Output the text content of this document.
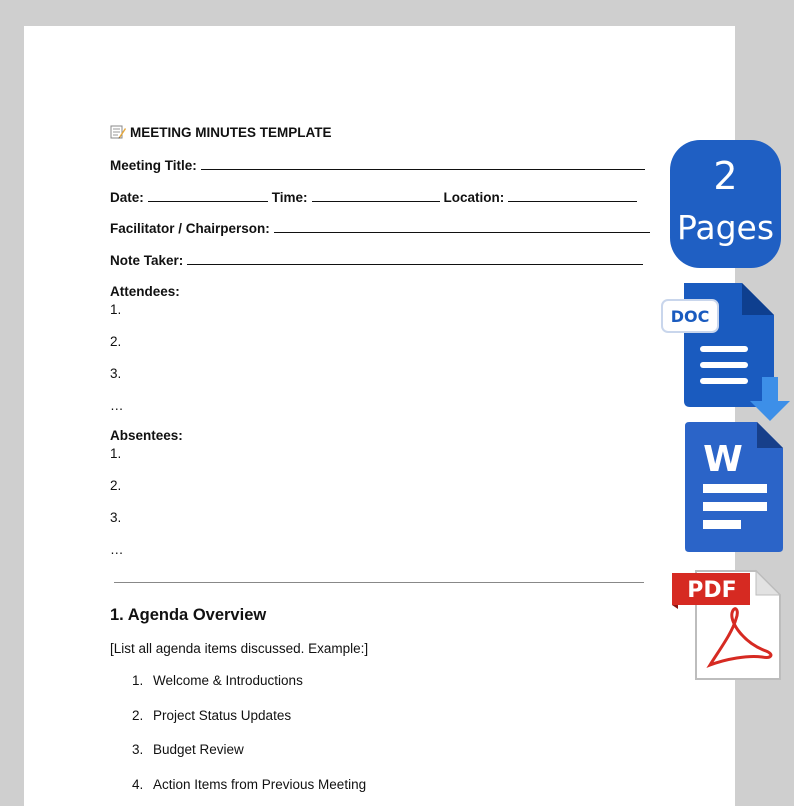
MEETING MINUTES TEMPLATE
Meeting Title:
Date:	Time:	Location:
Facilitator / Chairperson:
Note Taker:
Attendees:
1.
2.
3.
…
Absentees:
1.
2.
3.
…
1. Agenda Overview
[List all agenda items discussed. Example:]
1. Welcome & Introductions
2. Project Status Updates
3. Budget Review
4. Action Items from Previous Meeting
2
Pages
DOC
W
PDF
